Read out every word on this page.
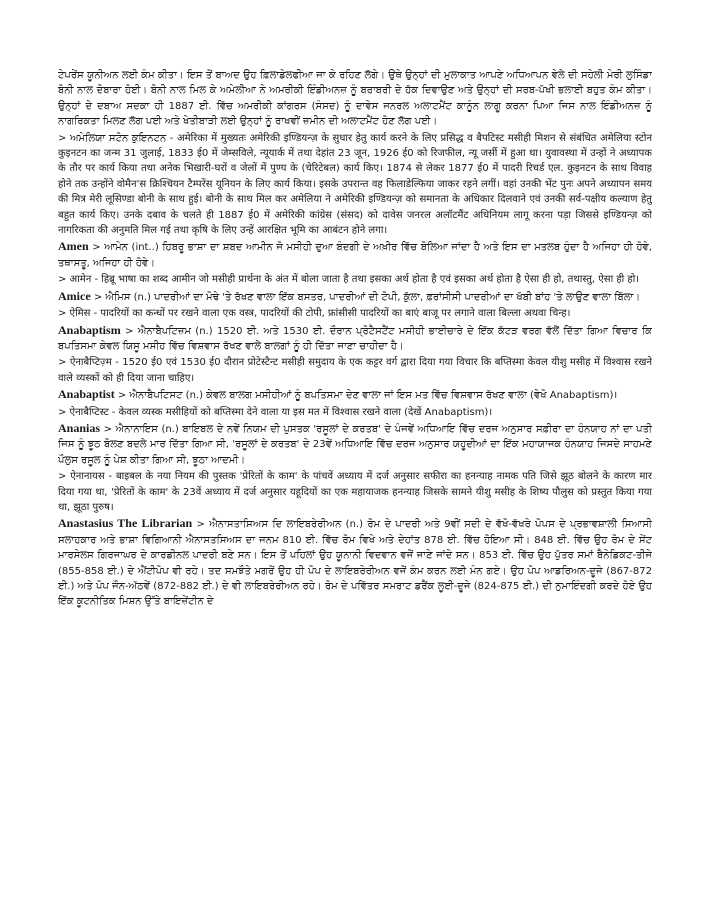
ਟੇਪਰੇਂਸ ਯੂਨੀਅਨ ਲਈ ਕੰਮ ਕੀਤਾ। ਇਸ ਤੋਂ ਬਾਅਦ ਉਹ ਫ਼ਿਲਾਡੇਲਫੀਆ ਜਾ ਕੇ ਰਹਿਣ ਲੱਗੇ। ਉਥੇ ਉਨ੍ਹਾਂ ਦੀ ਮੁਲਾਕਾਤ ਆਪਣੇ ਅਧਿਆਪਨ ਵੇਲੇ ਦੀ ਸਹੇਲੀ ਮੇਰੀ ਲੁਸਿੰਡਾ ਬੋਨੀ ਨਾਲ ਦੋਬਾਰਾ ਹੋਈ। ਬੋਨੀ ਨਾਲ ਮਿਲ ਕੇ ਅਮੇਲੀਆ ਨੇ ਅਮਰੀਕੀ ਇੰਡੀਅਨਜ਼ ਨੂੰ ਬਰਾਬਰੀ ਦੇ ਹੱਕ ਦਿਵਾਉਣ ਅਤੇ ਉਨ੍ਹਾਂ ਦੀ ਸਰਬ-ਪੱਖੀ ਭਲਾਈ ਬਹੁਤ ਕੰਮ ਕੀਤਾ। ਉਨ੍ਹਾਂ ਦੇ ਦਬਾਅ ਸਦਕਾ ਹੀ 1887 ਈ. ਵਿੱਚ ਅਮਰੀਕੀ ਕਾਂਗਰਸ (ਸੰਸਦ) ਨੂੰ ਦਾਵੇਸ ਜਨਰਲ ਅਲਾਟਮੈਂਟ ਕਾਨੂੰਨ ਲਾਗੂ ਕਰਨਾ ਪਿਆ ਜਿਸ ਨਾਲ ਇੰਡੀਅਨਜ਼ ਨੂੰ ਨਾਗਰਿਕਤਾ ਮਿਲਣ ਲੱਗ ਪਈ ਅਤੇ ਖੇਤੀਬਾੜੀ ਲਈ ਉਨ੍ਹਾਂ ਨੂੰ ਰਾਖਵੀਂ ਜ਼ਮੀਨ ਦੀ ਅਲਾਟਮੈਂਟ ਹੋਣ ਲੱਗ ਪਈ।

> ਅਮੇਲਿਯਾ ਸਟੋਨ ਕੁਇਨਟਨ - अमेरिका में मुख्यतः अमेरिकी इण्डियन्ज़ के सुधार हेतु कार्य करने के लिए प्रसिद्ध व बैपटिस्ट मसीही मिशन से संबंधित अमेलिया स्टोन कुइनटन का जन्म 31 जुलाई, 1833 ई0 में जेम्सविले, न्यूयार्क में तथा देहांत 23 जून, 1926 ई0 को रिजफील, न्यू जर्सी में हुआ था। युवावस्था में उन्हों ने अध्यापक के तौर पर कार्य किया तथा अनेक भिखारी-घरों व जेलों में पुण्य के (चेरिटेबल) कार्य किए। 1874 से लेकर 1877 ई0 में पादरी रिचर्ड एल. कुइनटन के साथ विवाह होने तक उन्होंने वोमैन'स क्रिश्चियन टैम्परेंस यूनियन के लिए कार्य किया। इसके उपरान्त वह फिलाडेल्फिया जाकर रहने लगीं। वहां उनकी भेंट पुनः अपने अध्यापन समय की मित्र मेरी लूसिण्डा बोनी के साथ हुई। बोनी के साथ मिल कर अमेलिया ने अमेरिकी इण्डियन्ज़ को समानता के अधिकार दिलवाने एवं उनकी सर्व-पक्षीय कल्याण हेतु बहुत कार्य किए। उनके दबाव के चलते ही 1887 ई0 में अमेरिकी कांग्रेस (संसद) को दावेस जनरल अलॉटमैंट अधिनियम लागू करना पड़ा जिससे इण्डियन्ज़ को नागरिकता की अनुमति मिल गई तथा कृषि के लिए उन्हें आरक्षित भूमि का आबंटन होने लगा।

Amen > ਆਮੇਨ (int..) ਹਿਬਰੂ ਭਾਸ਼ਾ ਦਾ ਸ਼ਬਦ ਆਮੀਨ ਜੋ ਮਸੀਹੀ ਦੁਆ ਬੰਦਗੀ ਦੇ ਅਖ਼ੀਰ ਵਿੱਚ ਬੋਲਿਆ ਜਾਂਦਾ ਹੈ ਅਤੇ ਇਸ ਦਾ ਮਤਲਬ ਹੁੰਦਾ ਹੈ ਅਜਿਹਾ ਹੀ ਹੋਵੇ, ਤਥਾਸਤੂ, ਅਜਿਹਾ ਹੀ ਹੋਵੇ।

> आमेन - हिब्रू भाषा का शब्द आमीन जो मसीही प्रार्थना के अंत में बोला जाता है तथा इसका अर्थ होता है एवं इसका अर्थ होता है ऐसा ही हो, तथास्तु, ऐसा ही हो।

Amice > ਐਮਿਸ (n.) ਪਾਦਰੀਆਂ ਦਾ ਮੋਢੇ 'ਤੇ ਰੱਖਣ ਵਾਲਾ ਇੱਕ ਬਸਤਰ, ਪਾਦਰੀਆਂ ਦੀ ਟੋਪੀ, ਕੁੱਲਾ, ਫ਼ਰਾਂਸੀਸੀ ਪਾਦਰੀਆਂ ਦਾ ਖੱਬੀ ਬਾਂਹ 'ਤੇ ਲਾਉਣ ਵਾਲਾ ਬਿੱਲਾ।

> ऐमिस - पादरियों का कन्धों पर रखने वाला एक वस्त्र, पादरियों की टोपी, फ्रांसीसी पादरियों का बाएं बाजू पर लगाने वाला बिल्ला अथवा चिन्ह।

Anabaptism > ਐਨਾਬੈਪਟਿਜ਼ਮ (n.) 1520 ਈ. ਅਤੇ 1530 ਈ. ਦੌਰਾਨ ਪ੍ਰੋਟੈਸਟੈਂਟ ਮਸੀਹੀ ਭਾਈਚਾਰੇ ਦੇ ਇੱਕ ਕੱਟੜ ਵਰਗ ਵੱਲੋਂ ਦਿੱਤਾ ਗਿਆ ਵਿਚਾਰ ਕਿ ਬਪਤਿਸਮਾ ਕੇਵਲ ਯਿਸੂ ਮਸੀਹ ਵਿੱਚ ਵਿਸ਼ਵਾਸ ਰੱਖਣ ਵਾਲੇ ਬਾਲਗਾਂ ਨੂੰ ਹੀ ਦਿੱਤਾ ਜਾਣਾ ਚਾਹੀਦਾ ਹੈ।

> ऐनाबैप्टिज़्म - 1520 ई0 एवं 1530 ई0 दौरान प्रोटेस्टैन्ट मसीही समुदाय के एक कट्टर वर्ग द्वारा दिया गया विचार कि बप्तिस्मा केवल यीशु मसीह में विश्वास रखने वाले व्यस्कों को ही दिया जाना चाहिए।

Anabaptist > ਐਨਾਬੈਪਟਿਸਟ (n.) ਕੇਵਲ ਬਾਲਗ ਮਸੀਹੀਆਂ ਨੂੰ ਬਪਤਿਸਮਾ ਦੇਣ ਵਾਲਾ ਜਾਂ ਇਸ ਮਤ ਵਿੱਚ ਵਿਸ਼ਵਾਸ ਰੱਖਣ ਵਾਲਾ (ਵੇਖੋ Anabaptism)।

> ऐनाबैप्टिस्ट - केवल व्यस्क मसीहियों को बप्तिस्मा देने वाला या इस मत में विश्वास रखने वाला (देखें Anabaptism)।

Ananias > ਐਨਾਨਾਇਸ (n.) ਬਾਇਬਲ ਦੇ ਨਵੇਂ ਨਿਯਮ ਦੀ ਪੁਸਤਕ 'ਰਸੂਲਾਂ ਦੇ ਕਰਤਬ' ਦੇ ਪੰਜਵੇਂ ਅਧਿਆਇ ਵਿੱਚ ਦਰਜ ਅਨੁਸਾਰ ਸਫ਼ੀਰਾ ਦਾ ਹੰਨਯਾਹ ਨਾਂ ਦਾ ਪਤੀ ਜਿਸ ਨੂੰ ਝੂਠ ਬੋਲਣ ਬਦਲੇ ਮਾਰ ਦਿੱਤਾ ਗਿਆ ਸੀ, 'ਰਸੂਲਾਂ ਦੇ ਕਰਤਬ' ਦੇ 23ਵੇਂ ਅਧਿਆਇ ਵਿੱਚ ਦਰਜ ਅਨੁਸਾਰ ਯਹੂਦੀਆਂ ਦਾ ਇੱਕ ਮਹਾਯਾਜਕ ਹੰਨਯਾਹ ਜਿਸਦੇ ਸਾਹਮਣੇ ਪੌਲੁਸ ਰਸੂਲ ਨੂੰ ਪੇਸ਼ ਕੀਤਾ ਗਿਆ ਸੀ, ਝੂਠਾ ਆਦਮੀ।

> ऐनानायस - बाइबल के नया नियम की पुस्तक 'प्रेरितों के काम' के पांचवें अध्याय में दर्ज अनुसार सफीरा का हनन्याह नामक पति जिसे झूठ बोलने के कारण मार दिया गया था, 'प्रेरितों के काम' के 23वें अध्याय में दर्ज अनुसार यहूदियों का एक महायाजक हनन्याह जिसके सामने यीशु मसीह के शिष्य पौलुस को प्रस्तुत किया गया था, झूठा पुरुष।

Anastasius The Librarian > ਐਨਾਸਤਾਸਿਅਸ ਦਿ ਲਾਇਬਰੇਰੀਅਨ (n.) ਰੋਮ ਦੇ ਪਾਦਰੀ ਅਤੇ 9ਵੀਂ ਸਦੀ ਦੇ ਵੱਖੋ-ਵੱਖਰੇ ਪੋਪਸ ਦੇ ਪ੍ਰਭਾਵਸ਼ਾਲੀ ਸਿਆਸੀ ਸਲਾਹਕਾਰ ਅਤੇ ਭਾਸ਼ਾ ਵਿਗਿਆਨੀ ਐਨਾਸਤਸਿਅਸ ਦਾ ਜਨਮ 810 ਈ. ਵਿੱਚ ਰੋਮ ਵਿਖੇ ਅਤੇ ਦੇਹਾਂਤ 878 ਈ. ਵਿੱਚ ਹੋਇਆ ਸੀ। 848 ਈ. ਵਿੱਚ ਉਹ ਰੋਮ ਦੇ ਸੇਂਟ ਮਾਰਸੇਲਸ ਗਿਰਜਾਘਰ ਦੇ ਕਾਰਡੀਨਲ ਪਾਦਰੀ ਬਣੇ ਸਨ। ਇਸ ਤੋਂ ਪਹਿਲਾਂ ਉਹ ਯੂਨਾਨੀ ਵਿਦਵਾਨ ਵਜੋਂ ਜਾਣੇ ਜਾਂਦੇ ਸਨ। 853 ਈ. ਵਿੱਚ ਉਹ ਪੁੱਤਰ ਸਮਾਂ ਬੈਨੇਡਿਕਟ-ਤੀਜੇ (855-858 ਈ.) ਦੇ ਐਂਟੀਪੋਪ ਵੀ ਰਹੇ। ਤਦ ਸਮਝੌਤੇ ਮਗਰੋਂ ਉਹ ਹੀ ਪੋਪ ਦੇ ਲਾਇਬਰੇਰੀਅਨ ਵਜੋਂ ਕੰਮ ਕਰਨ ਲਈ ਮੰਨ ਗਏ। ਉਹ ਪੋਪ ਆਡਰਿਅਨ-ਦੂਜੇ (867-872 ਈ.) ਅਤੇ ਪੋਪ ਜੌਨ-ਅੱਠਵੇਂ (872-882 ਈ.) ਦੇ ਵੀ ਲਾਇਬਰੇਰੀਅਨ ਰਹੇ। ਰੋਮ ਦੇ ਪਵਿੱਤਰ ਸਮਰਾਟ ਡਰੈਂਕ ਲੂਈ-ਦੂਜੇ (824-875 ਈ.) ਦੀ ਨੁਮਾਇੰਦਗੀ ਕਰਦੇ ਹੋਏ ਉਹ ਇੱਕ ਕੂਟਨੀਤਿਕ ਮਿਸ਼ਨ ਉੱਤੇ ਬਾਇਜ਼ੇਂਟੀਨ ਦੇ
